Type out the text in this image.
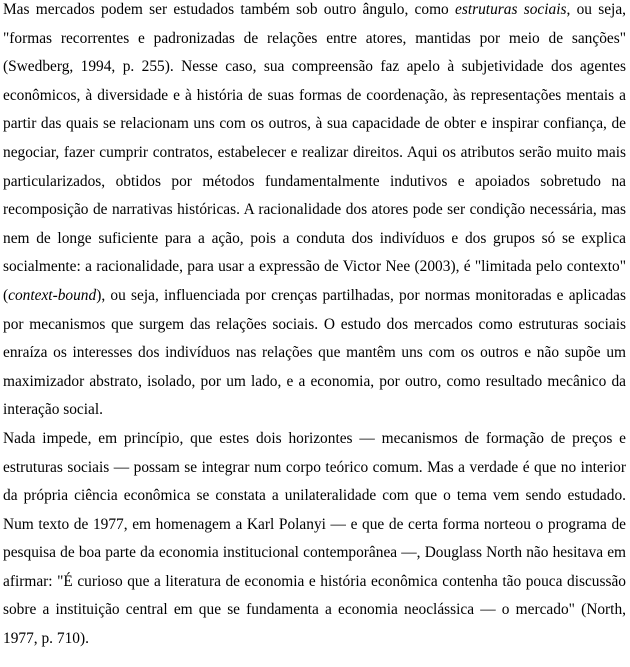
Mas mercados podem ser estudados também sob outro ângulo, como estruturas sociais, ou seja, "formas recorrentes e padronizadas de relações entre atores, mantidas por meio de sanções" (Swedberg, 1994, p. 255). Nesse caso, sua compreensão faz apelo à subjetividade dos agentes econômicos, à diversidade e à história de suas formas de coordenação, às representações mentais a partir das quais se relacionam uns com os outros, à sua capacidade de obter e inspirar confiança, de negociar, fazer cumprir contratos, estabelecer e realizar direitos. Aqui os atributos serão muito mais particularizados, obtidos por métodos fundamentalmente indutivos e apoiados sobretudo na recomposição de narrativas históricas. A racionalidade dos atores pode ser condição necessária, mas nem de longe suficiente para a ação, pois a conduta dos indivíduos e dos grupos só se explica socialmente: a racionalidade, para usar a expressão de Victor Nee (2003), é "limitada pelo contexto" (context-bound), ou seja, influenciada por crenças partilhadas, por normas monitoradas e aplicadas por mecanismos que surgem das relações sociais. O estudo dos mercados como estruturas sociais enraíza os interesses dos indivíduos nas relações que mantêm uns com os outros e não supõe um maximizador abstrato, isolado, por um lado, e a economia, por outro, como resultado mecânico da interação social.

Nada impede, em princípio, que estes dois horizontes — mecanismos de formação de preços e estruturas sociais — possam se integrar num corpo teórico comum. Mas a verdade é que no interior da própria ciência econômica se constata a unilateralidade com que o tema vem sendo estudado. Num texto de 1977, em homenagem a Karl Polanyi — e que de certa forma norteou o programa de pesquisa de boa parte da economia institucional contemporânea —, Douglass North não hesitava em afirmar: "É curioso que a literatura de economia e história econômica contenha tão pouca discussão sobre a instituição central em que se fundamenta a economia neoclássica — o mercado" (North, 1977, p. 710).
